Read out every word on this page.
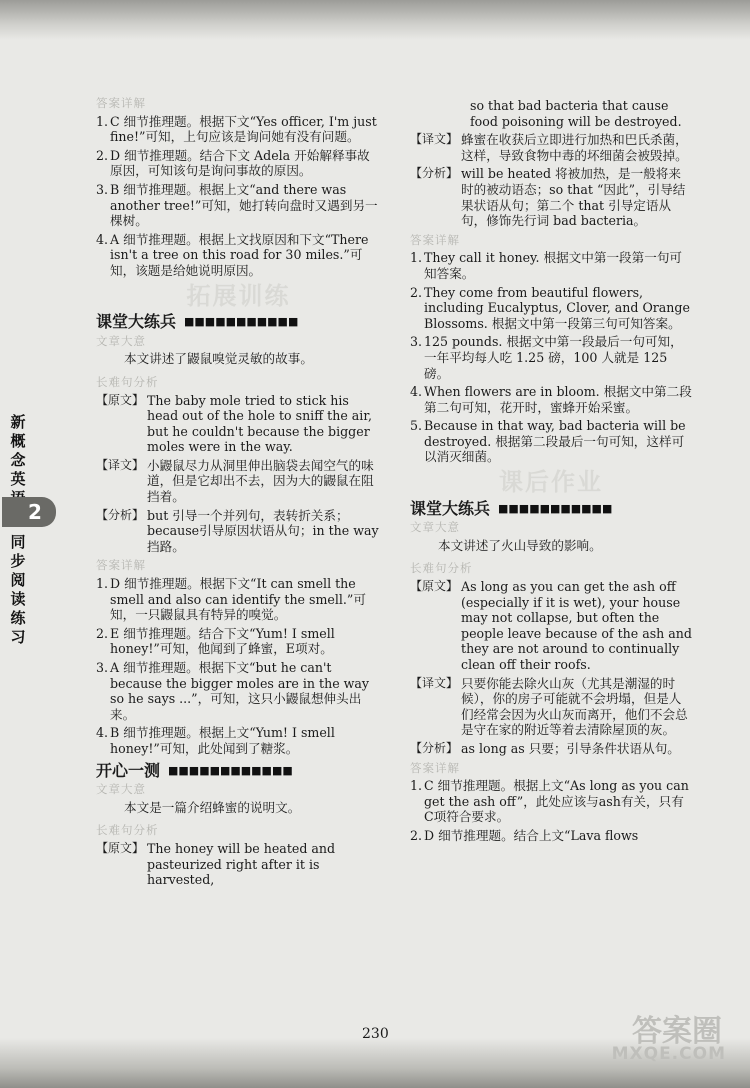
新概念英
2
同步阅读练习
答案详解
1. C 细节推理题。根据下文“Yes officer, I'm just fine!”可知，上句应该是询问她有没有问题。
2. D 细节推理题。结合下文 Adela 开始解释事故原因，可知该句是询问事故的原因。
3. B 细节推理题。根据上文“and there was another tree!”可知，她打转向盘时又遇到另一棵树。
4. A 细节推理题。根据上文找原因和下文“There isn't a tree on this road for 30 miles.”可知，该题是给她说明原因。
拓展训练
课堂大练兵 ■■■■■■■■■■■
文章大意
本文讲述了鼹鼠嗅觉灵敏的故事。
长难句分析
【原文】 The baby mole tried to stick his head out of the hole to sniff the air, but he couldn't because the bigger moles were in the way.
【译文】 小鼹鼠尽力从洞里伸出脑袋去闻空气的味道，但是它却出不去，因为大的鼹鼠在阻挡着。
【分析】 but 引导一个并列句，表转折关系；because引导原因状语从句；in the way 挡路。
答案详解
1. D 细节推理题。根据下文“It can smell the smell and also can identify the smell.”可知，一只鼹鼠具有特异的嗅觉。
2. E 细节推理题。结合下文“Yum! I smell honey!”可知，他闻到了蜂蜜，E项对。
3. A 细节推理题。根据下文“but he can't because the bigger moles are in the way so he says ...”，可知，这只小鼹鼠想伸头出来。
4. B 细节推理题。根据上文“Yum! I smell honey!”可知，此处闻到了糖浆。
开心一测 ■■■■■■■■■■■■
文章大意
本文是一篇介绍蜂蜜的说明文。
长难句分析
【原文】 The honey will be heated and pasteurized right after it is harvested,
so that bad bacteria that cause food poisoning will be destroyed.
【译文】 蜂蜜在收获后立即进行加热和巴氏杀菌，这样，导致食物中毒的坏细菌会被毁掉。
【分析】 will be heated 将被加热，是一般将来时的被动语态；so that “因此”，引导结果状语从句；第二个 that 引导定语从句，修饰先行词 bad bacteria。
答案详解
1. They call it honey. 根据文中第一段第一句可知答案。
2. They come from beautiful flowers, including Eucalyptus, Clover, and Orange Blossoms. 根据文中第一段第三句可知答案。
3. 125 pounds. 根据文中第一段最后一句可知，一年平均每人吃 1.25 磅，100 人就是 125磅。
4. When flowers are in bloom. 根据文中第二段第二句可知，花开时，蜜蜂开始采蜜。
5. Because in that way, bad bacteria will be destroyed. 根据第二段最后一句可知，这样可以消灭细菌。
课后作业
课堂大练兵 ■■■■■■■■■■■
文章大意
本文讲述了火山导致的影响。
长难句分析
【原文】 As long as you can get the ash off (especially if it is wet), your house may not collapse, but often the people leave because of the ash and they are not around to continually clean off their roofs.
【译文】 只要你能去除火山灰（尤其是潮湿的时候），你的房子可能就不会坍塌，但是人们经常会因为火山灰而离开，他们不会总是守在家的附近等着去清除屋顶的灰。
【分析】 as long as 只要；引导条件状语从句。
答案详解
1. C 细节推理题。根据上文“As long as you can get the ash off”，此处应该与ash有关，只有C项符合要求。
2. D 细节推理题。结合上文“Lava flows
230	答案圈
MXQE.COM
